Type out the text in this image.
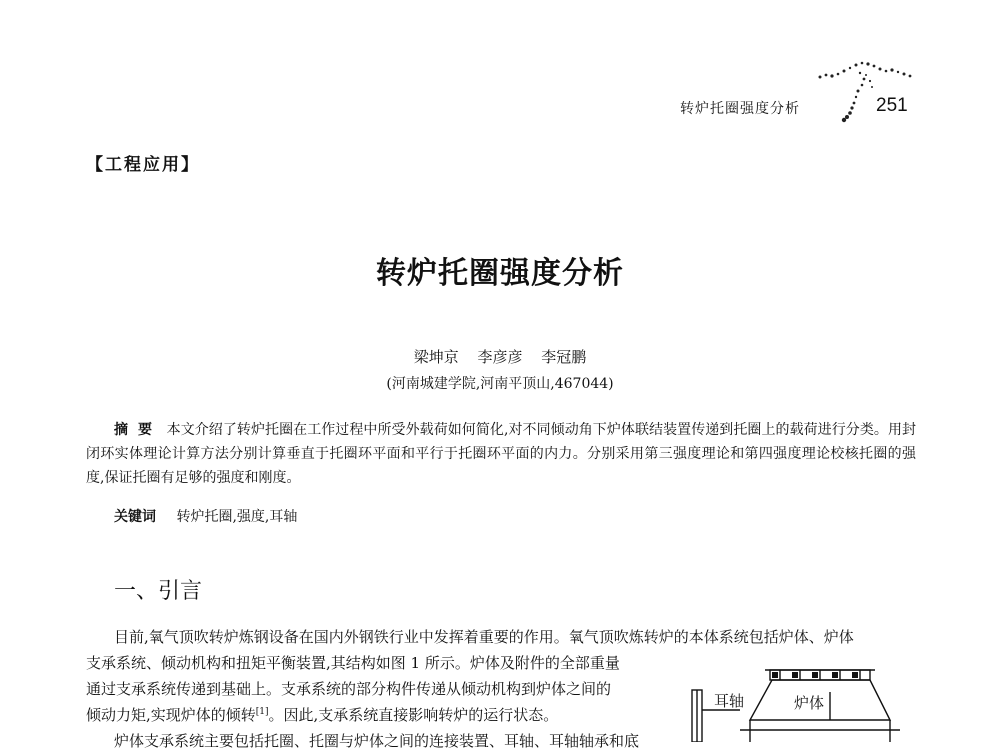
转炉托圈强度分析	251
【工程应用】
转炉托圈强度分析
梁坤京 李彦彦 李冠鹏
(河南城建学院,河南平顶山,467044)
摘要 本文介绍了转炉托圈在工作过程中所受外载荷如何简化,对不同倾动角下炉体联结装置传递到托圈上的载荷进行分类。用封闭环实体理论计算方法分别计算垂直于托圈环平面和平行于托圈环平面的内力。分别采用第三强度理论和第四强度理论校核托圈的强度,保证托圈有足够的强度和刚度。
关键词 转炉托圈,强度,耳轴
一、引言
目前,氧气顶吹转炉炼钢设备在国内外钢铁行业中发挥着重要的作用。氧气顶吹炼转炉的本体系统包括炉体、炉体
支承系统、倾动机构和扭矩平衡装置,其结构如图 1 所示。炉体及附件的全部重量
通过支承系统传递到基础上。支承系统的部分构件传递从倾动机构到炉体之间的
倾动力矩,实现炉体的倾转[1]。因此,支承系统直接影响转炉的运行状态。
炉体支承系统主要包括托圈、托圈与炉体之间的连接装置、耳轴、耳轴轴承和底
耳轴	炉体
